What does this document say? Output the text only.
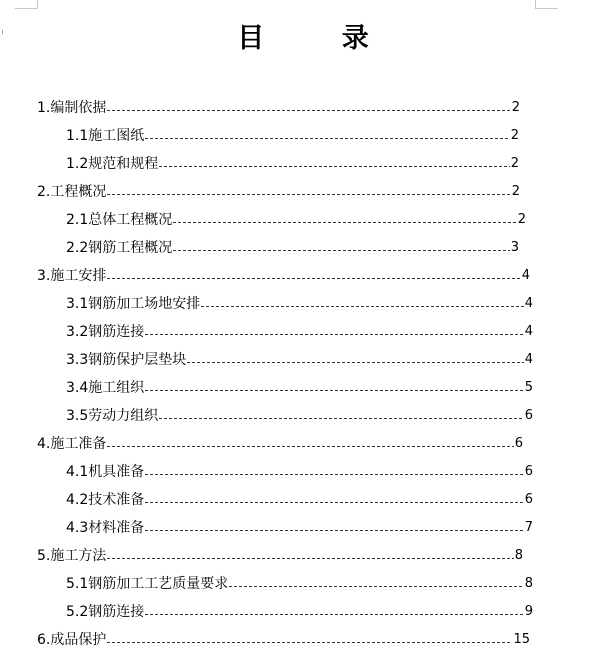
目 录
1.编制依据	2
1.1施工图纸	2
1.2规范和规程	2
2.工程概况	2
2.1总体工程概况	2
2.2钢筋工程概况	3
3.施工安排	4
3.1钢筋加工场地安排	4
3.2钢筋连接	4
3.3钢筋保护层垫块	4
3.4施工组织	5
3.5劳动力组织	6
4.施工准备	6
4.1机具准备	6
4.2技术准备	6
4.3材料准备	7
5.施工方法	8
5.1钢筋加工工艺质量要求	8
5.2钢筋连接	9
6.成品保护	15
